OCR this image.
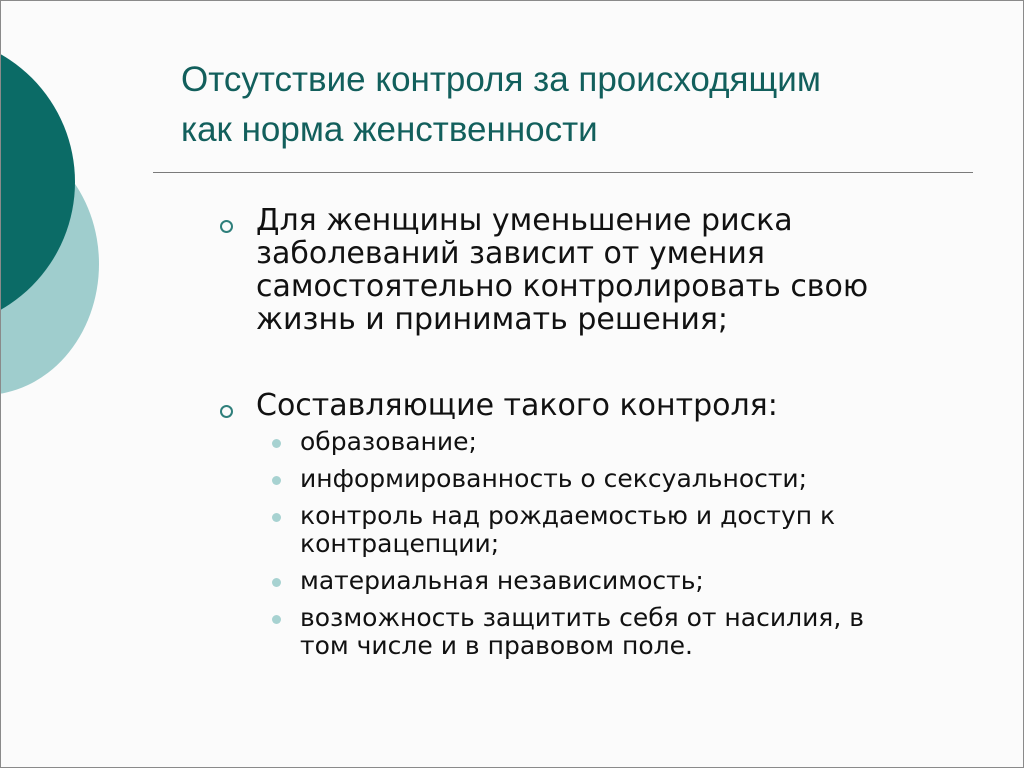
Отсутствие контроля за происходящим
как норма женственности
Для женщины уменьшение риска
заболеваний зависит от умения
самостоятельно контролировать свою
жизнь и принимать решения;
Составляющие такого контроля:
образование;
информированность о сексуальности;
контроль над рождаемостью и доступ к
контрацепции;
материальная независимость;
возможность защитить себя от насилия, в
том числе и в правовом поле.
